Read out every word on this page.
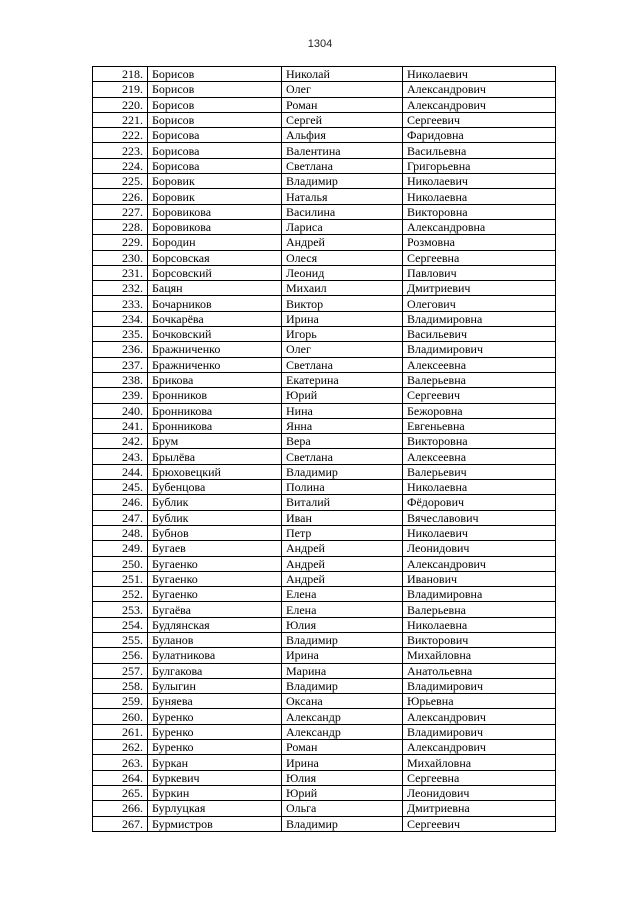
1304
218.	Борисов	Николай	Николаевич
219.	Борисов	Олег	Александрович
220.	Борисов	Роман	Александрович
221.	Борисов	Сергей	Сергеевич
222.	Борисова	Альфия	Фаридовна
223.	Борисова	Валентина	Васильевна
224.	Борисова	Светлана	Григорьевна
225.	Боровик	Владимир	Николаевич
226.	Боровик	Наталья	Николаевна
227.	Боровикова	Василина	Викторовна
228.	Боровикова	Лариса	Александровна
229.	Бородин	Андрей	Розмовна
230.	Борсовская	Олеся	Сергеевна
231.	Борсовский	Леонид	Павлович
232.	Бацян	Михаил	Дмитриевич
233.	Бочарников	Виктор	Олегович
234.	Бочкарёва	Ирина	Владимировна
235.	Бочковский	Игорь	Васильевич
236.	Бражниченко	Олег	Владимирович
237.	Бражниченко	Светлана	Алексеевна
238.	Брикова	Екатерина	Валерьевна
239.	Бронников	Юрий	Сергеевич
240.	Бронникова	Нина	Бежоровна
241.	Бронникова	Янна	Евгеньевна
242.	Брум	Вера	Викторовна
243.	Брылёва	Светлана	Алексеевна
244.	Брюховецкий	Владимир	Валерьевич
245.	Бубенцова	Полина	Николаевна
246.	Бублик	Виталий	Фёдорович
247.	Бублик	Иван	Вячеславович
248.	Бубнов	Петр	Николаевич
249.	Бугаев	Андрей	Леонидович
250.	Бугаенко	Андрей	Александрович
251.	Бугаенко	Андрей	Иванович
252.	Бугаенко	Елена	Владимировна
253.	Бугаёва	Елена	Валерьевна
254.	Будлянская	Юлия	Николаевна
255.	Буланов	Владимир	Викторович
256.	Булатникова	Ирина	Михайловна
257.	Булгакова	Марина	Анатольевна
258.	Булыгин	Владимир	Владимирович
259.	Буняева	Оксана	Юрьевна
260.	Буренко	Александр	Александрович
261.	Буренко	Александр	Владимирович
262.	Буренко	Роман	Александрович
263.	Буркан	Ирина	Михайловна
264.	Буркевич	Юлия	Сергеевна
265.	Буркин	Юрий	Леонидович
266.	Бурлуцкая	Ольга	Дмитриевна
267.	Бурмистров	Владимир	Сергеевич
